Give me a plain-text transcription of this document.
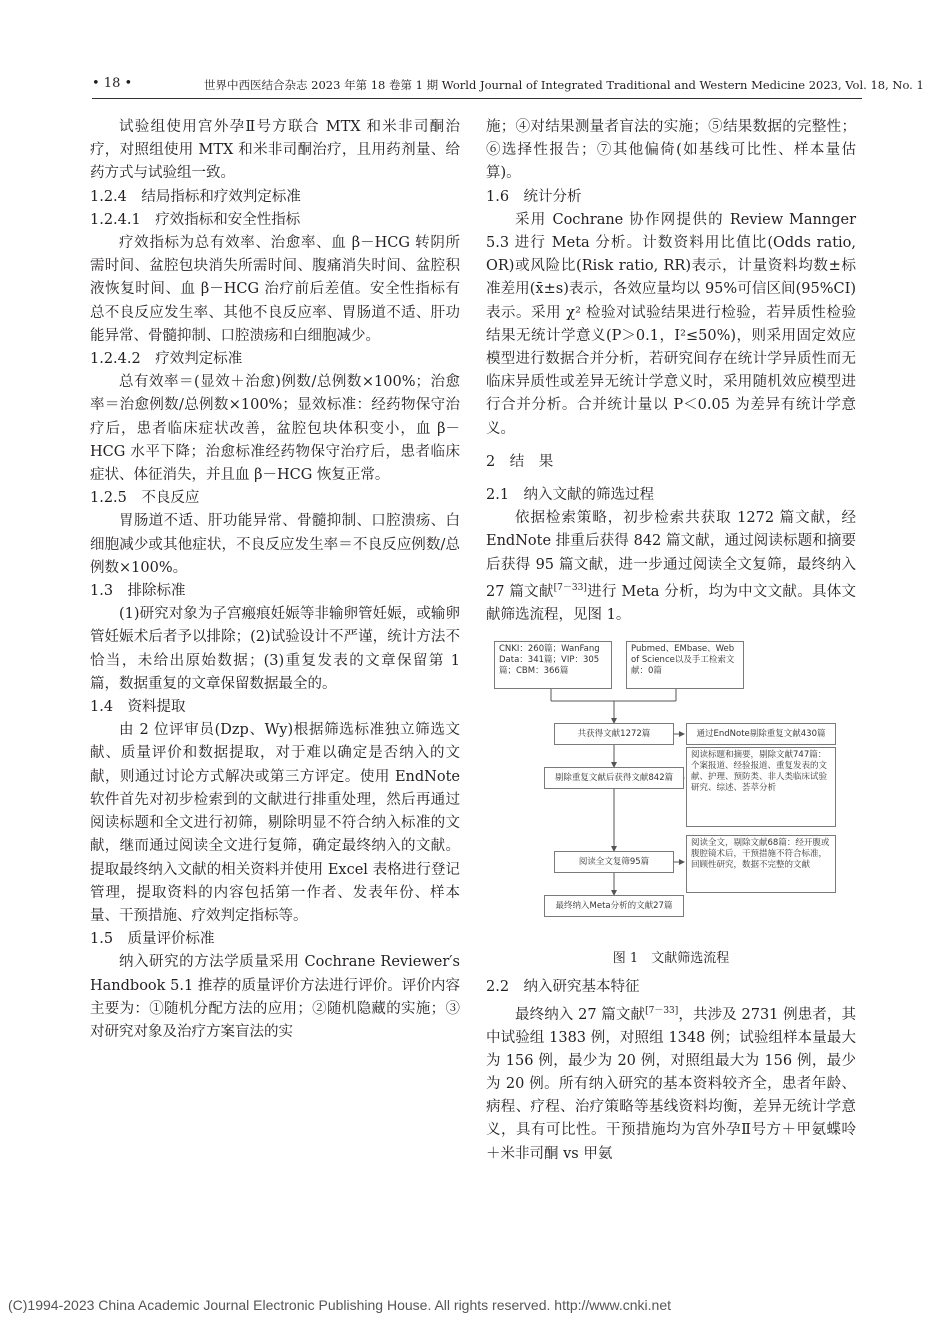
• 18 •	世界中西医结合杂志 2023 年第 18 卷第 1 期 World Journal of Integrated Traditional and Western Medicine 2023, Vol. 18, No. 1

试验组使用宫外孕Ⅱ号方联合 MTX 和米非司酮治疗，对照组使用 MTX 和米非司酮治疗，且用药剂量、给药方式与试验组一致。

1.2.4　结局指标和疗效判定标准

1.2.4.1　疗效指标和安全性指标

疗效指标为总有效率、治愈率、血 β－HCG 转阴所需时间、盆腔包块消失所需时间、腹痛消失时间、盆腔积液恢复时间、血 β－HCG 治疗前后差值。安全性指标有总不良反应发生率、其他不良反应率、胃肠道不适、肝功能异常、骨髓抑制、口腔溃疡和白细胞减少。

1.2.4.2　疗效判定标准

总有效率＝(显效＋治愈)例数/总例数×100%；治愈率＝治愈例数/总例数×100%；显效标准：经药物保守治疗后，患者临床症状改善，盆腔包块体积变小，血 β－HCG 水平下降；治愈标准经药物保守治疗后，患者临床症状、体征消失，并且血 β－HCG 恢复正常。

1.2.5　不良反应

胃肠道不适、肝功能异常、骨髓抑制、口腔溃疡、白细胞减少或其他症状，不良反应发生率＝不良反应例数/总例数×100%。

1.3　排除标准

(1)研究对象为子宫瘢痕妊娠等非输卵管妊娠，或输卵管妊娠术后者予以排除；(2)试验设计不严谨，统计方法不恰当，未给出原始数据；(3)重复发表的文章保留第 1 篇，数据重复的文章保留数据最全的。

1.4　资料提取

由 2 位评审员(Dzp、Wy)根据筛选标准独立筛选文献、质量评价和数据提取，对于难以确定是否纳入的文献，则通过讨论方式解决或第三方评定。使用 EndNote 软件首先对初步检索到的文献进行排重处理，然后再通过阅读标题和全文进行初筛，剔除明显不符合纳入标准的文献，继而通过阅读全文进行复筛，确定最终纳入的文献。提取最终纳入文献的相关资料并使用 Excel 表格进行登记管理，提取资料的内容包括第一作者、发表年份、样本量、干预措施、疗效判定指标等。

1.5　质量评价标准

纳入研究的方法学质量采用 Cochrane Reviewer′s Handbook 5.1 推荐的质量评价方法进行评价。评价内容主要为：①随机分配方法的应用；②随机隐藏的实施；③对研究对象及治疗方案盲法的实

施；④对结果测量者盲法的实施；⑤结果数据的完整性；⑥选择性报告；⑦其他偏倚(如基线可比性、样本量估算)。

1.6　统计分析

采用 Cochrane 协作网提供的 Review Mannger 5.3 进行 Meta 分析。计数资料用比值比(Odds ratio, OR)或风险比(Risk ratio, RR)表示，计量资料均数±标准差用(x̄±s)表示，各效应量均以 95%可信区间(95%CI)表示。采用 χ² 检验对试验结果进行检验，若异质性检验结果无统计学意义(P＞0.1，I²≤50%)，则采用固定效应模型进行数据合并分析，若研究间存在统计学异质性而无临床异质性或差异无统计学意义时，采用随机效应模型进行合并分析。合并统计量以 P＜0.05 为差异有统计学意义。

2　结　果

2.1　纳入文献的筛选过程

依据检索策略，初步检索共获取 1272 篇文献，经 EndNote 排重后获得 842 篇文献，通过阅读标题和摘要后获得 95 篇文献，进一步通过阅读全文复筛，最终纳入 27 篇文献[7－33]进行 Meta 分析，均为中文文献。具体文献筛选流程，见图 1。

CNKI：260篇；WanFang Data：341篇；VIP：305篇；CBM：366篇
Pubmed、EMbase、Web of Science以及手工检索文献：0篇
共获得文献1272篇	通过EndNote剔除重复文献430篇
剔除重复文献后获得文献842篇
阅读标题和摘要，剔除文献747篇：个案报道、经验报道、重复发表的文献、护理、预防类、非人类临床试验研究、综述、荟萃分析
阅读全文复筛95篇
阅读全文，剔除文献68篇：经开腹或腹腔镜术后，干预措施不符合标准，回顾性研究，数据不完整的文献
最终纳入Meta分析的文献27篇
图 1　文献筛选流程

2.2　纳入研究基本特征

最终纳入 27 篇文献[7－33]，共涉及 2731 例患者，其中试验组 1383 例，对照组 1348 例；试验组样本量最大为 156 例，最少为 20 例，对照组最大为 156 例，最少为 20 例。所有纳入研究的基本资料较齐全，患者年龄、病程、疗程、治疗策略等基线资料均衡，差异无统计学意义，具有可比性。干预措施均为宫外孕Ⅱ号方＋甲氨蝶呤＋米非司酮 vs 甲氨

(C)1994-2023 China Academic Journal Electronic Publishing House. All rights reserved. http://www.cnki.net
